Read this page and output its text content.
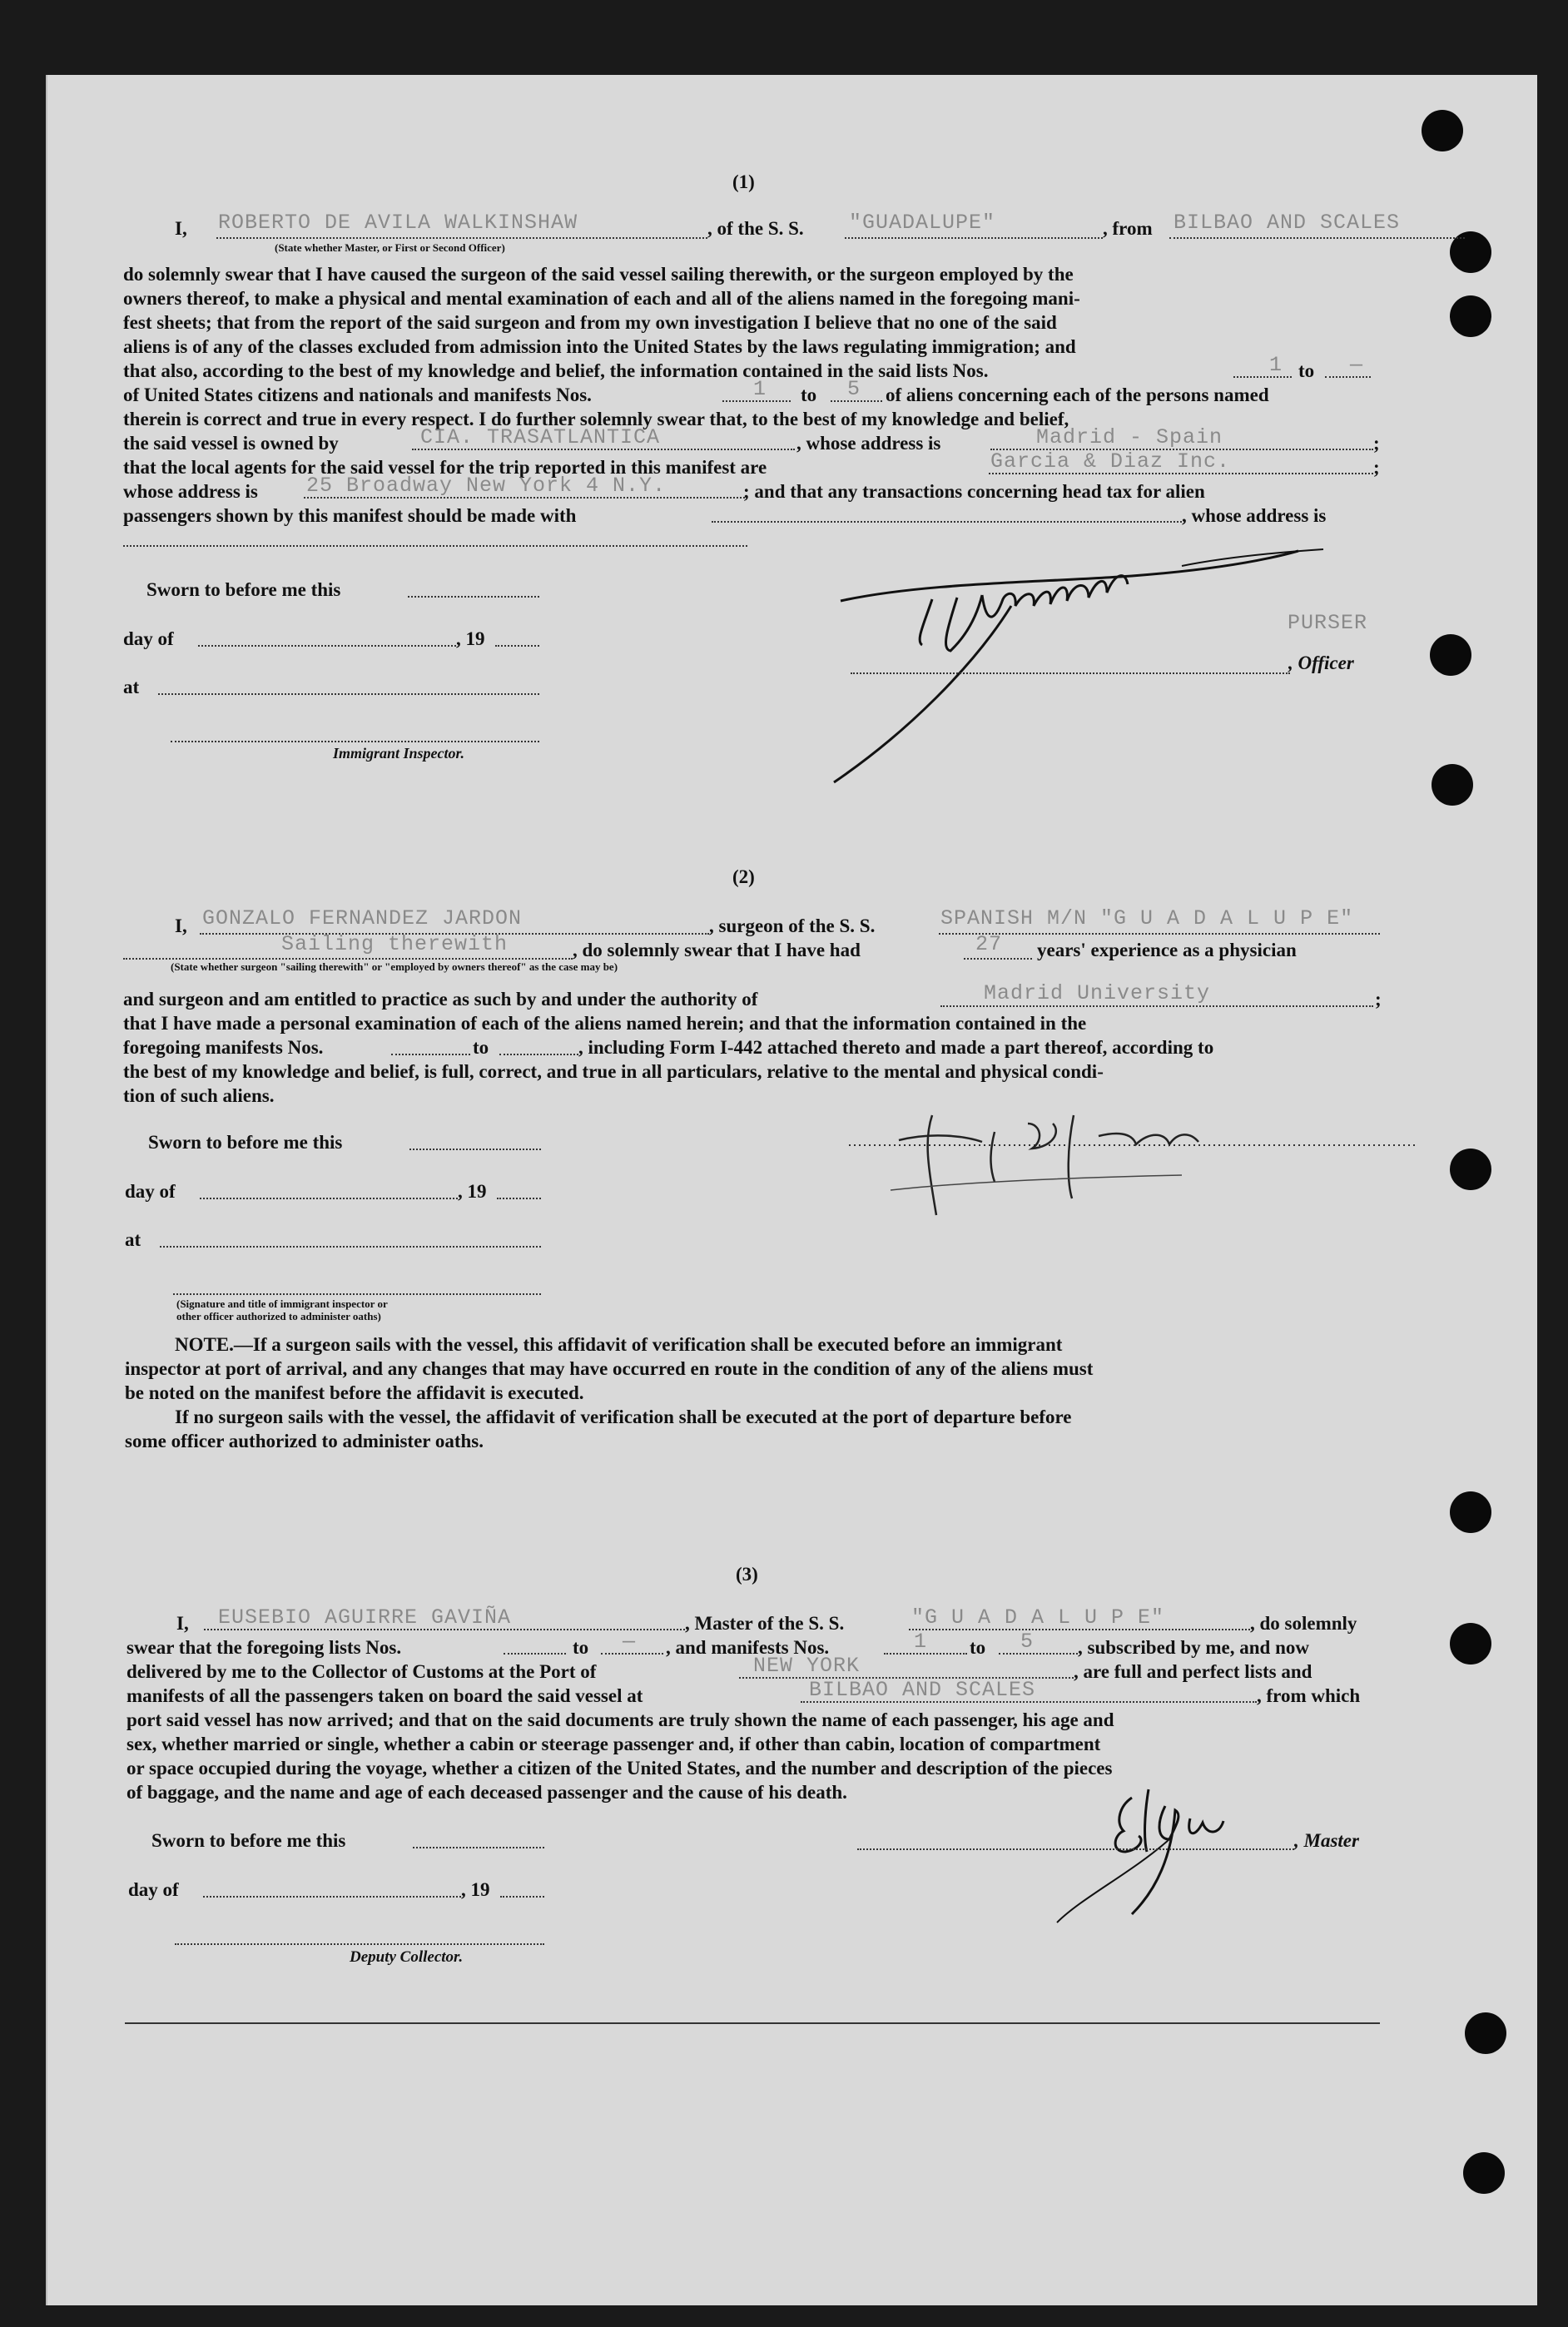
(1)
I, ROBERTO DE AVILA WALKINSHAW	, of the S. S. "GUADALUPE"	, from BILBAO AND SCALES
(State whether Master, or First or Second Officer)
do solemnly swear that I have caused the surgeon of the said vessel sailing therewith, or the surgeon employed by the
owners thereof, to make a physical and mental examination of each and all of the aliens named in the foregoing mani-
fest sheets; that from the report of the said surgeon and from my own investigation I believe that no one of the said
aliens is of any of the classes excluded from admission into the United States by the laws regulating immigration; and
that also, according to the best of my knowledge and belief, the information contained in the said lists Nos.	1 to —
of United States citizens and nationals and manifests Nos.	1 to 5 of aliens concerning each of the persons named
therein is correct and true in every respect. I do further solemnly swear that, to the best of my knowledge and belief,
the said vessel is owned by	CIA. TRASATLANTICA	, whose address is	Madrid - Spain	;
that the local agents for the said vessel for the trip reported in this manifest are	Garcia & Diaz Inc.	;
whose address is 25 Broadway New York 4 N.Y.	; and that any transactions concerning head tax for alien
passengers shown by this manifest should be made with	, whose address is
Sworn to before me this
day of	, 19
at
Immigrant Inspector.
PURSER
, Officer
(2)
I, GONZALO FERNANDEZ JARDON	, surgeon of the S. S.	SPANISH M/N "G U A D A L U P E"
Sailing therewith	, do solemnly swear that I have had	27 years' experience as a physician
(State whether surgeon "sailing therewith" or "employed by owners thereof" as the case may be)
and surgeon and am entitled to practice as such by and under the authority of	Madrid University	;
that I have made a personal examination of each of the aliens named herein; and that the information contained in the
foregoing manifests Nos.	to	, including Form I-442 attached thereto and made a part thereof, according to
the best of my knowledge and belief, is full, correct, and true in all particulars, relative to the mental and physical condi-
tion of such aliens.
Sworn to before me this
day of	, 19
at
(Signature and title of immigrant inspector or
other officer authorized to administer oaths)
NOTE.—If a surgeon sails with the vessel, this affidavit of verification shall be executed before an immigrant
inspector at port of arrival, and any changes that may have occurred en route in the condition of any of the aliens must
be noted on the manifest before the affidavit is executed.
If no surgeon sails with the vessel, the affidavit of verification shall be executed at the port of departure before
some officer authorized to administer oaths.
(3)
I, EUSEBIO AGUIRRE GAVIÑA	, Master of the S. S.	"G U A D A L U P E"	, do solemnly
swear that the foregoing lists Nos.	to — , and manifests Nos.	1 to 5 , subscribed by me, and now
delivered by me to the Collector of Customs at the Port of	NEW YORK	, are full and perfect lists and
manifests of all the passengers taken on board the said vessel at	BILBAO AND SCALES	, from which
port said vessel has now arrived; and that on the said documents are truly shown the name of each passenger, his age and
sex, whether married or single, whether a cabin or steerage passenger and, if other than cabin, location of compartment
or space occupied during the voyage, whether a citizen of the United States, and the number and description of the pieces
of baggage, and the name and age of each deceased passenger and the cause of his death.
Sworn to before me this
day of	, 19
Deputy Collector.
, Master
